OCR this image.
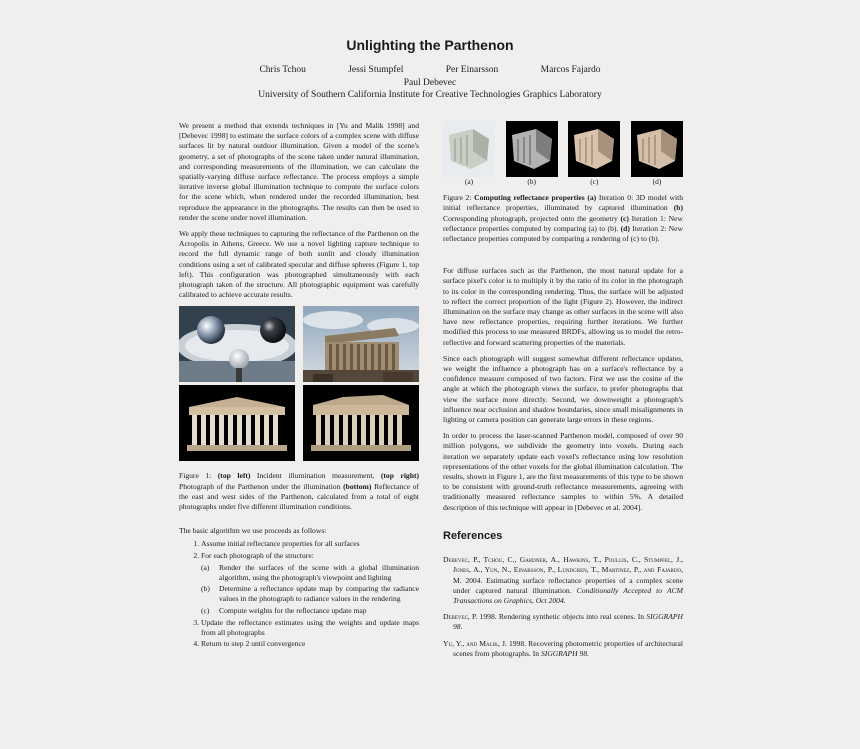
Unlighting the Parthenon
Chris Tchou	Jessi Stumpfel	Per Einarsson	Marcos Fajardo
Paul Debevec
University of Southern California Institute for Creative Technologies Graphics Laboratory

We present a method that extends techniques in [Yu and Malik 1998] and [Debevec 1998] to estimate the surface colors of a complex scene with diffuse surfaces lit by natural outdoor illumination. Given a model of the scene's geometry, a set of photographs of the scene taken under natural illumination, and corresponding measurements of the illumination, we can calculate the spatially-varying diffuse surface reflectance. The process employs a simple iterative inverse global illumination technique to compute the surface colors for the scene which, when rendered under the recorded illumination, best reproduce the appearance in the photographs. The results can then be used to render the scene under novel illumination.

We apply these techniques to capturing the reflectance of the Parthenon on the Acropolis in Athens, Greece. We use a novel lighting capture technique to record the full dynamic range of both sunlit and cloudy illumination conditions using a set of calibrated specular and diffuse spheres (Figure 1, top left). This configuration was photographed simultaneously with each photograph taken of the structure. All photographic equipment was carefully calibrated to achieve accurate results.

Figure 1: (top left) Incident illumination measurement, (top right) Photograph of the Parthenon under the illumination (bottom) Reflectance of the east and west sides of the Parthenon, calculated from a total of eight photographs under five different illumination conditions.

The basic algorithm we use proceeds as follows:

1. Assume initial reflectance properties for all surfaces
2. For each photograph of the structure:
(a) Render the surfaces of the scene with a global illumination algorithm, using the photograph's viewpoint and lighting
(b) Determine a reflectance update map by comparing the radiance values in the photograph to radiance values in the rendering
(c) Compute weights for the reflectance update map
3. Update the reflectance estimates using the weights and update maps from all photographs
4. Return to step 2 until convergence
(a)	(b)	(c)	(d)
Figure 2: Computing reflectance properties (a) Iteration 0: 3D model with initial reflectance properties, illuminated by captured illumination (b) Corresponding photograph, projected onto the geometry (c) Iteration 1: New reflectance properties computed by comparing (a) to (b). (d) Iteration 2: New reflectance properties computed by comparing a rendering of (c) to (b).

For diffuse surfaces such as the Parthenon, the most natural update for a surface pixel's color is to multiply it by the ratio of its color in the photograph to its color in the corresponding rendering. Thus, the surface will be adjusted to reflect the correct proportion of the light (Figure 2). However, the indirect illumination on the surface may change as other surfaces in the scene will also have new reflectance properties, requiring further iterations. We further modified this process to use measured BRDFs, allowing us to model the retro-reflective and forward scattering properties of the materials.

Since each photograph will suggest somewhat different reflectance updates, we weight the influence a photograph has on a surface's reflectance by a confidence measure composed of two factors. First we use the cosine of the angle at which the photograph views the surface, to prefer photographs that view the surface more directly. Second, we downweight a photograph's influence near occlusion and shadow boundaries, since small misalignments in lighting or camera position can generate large errors in these regions.

In order to process the laser-scanned Parthenon model, composed of over 90 million polygons, we subdivide the geometry into voxels. During each iteration we separately update each voxel's reflectance using low resolution representations of the other voxels for the global illumination calculation. The results, shown in Figure 1, are the first measurements of this type to be shown to be consistent with ground-truth reflectance measurements, agreeing with traditionally measured reflectance samples to within 5%. A detailed description of this technique will appear in [Debevec et al. 2004].

References
Debevec, P., Tchou, C., Gardner, A., Hawkins, T., Poullis, C., Stumpfel, J., Jones, A., Yun, N., Einarsson, P., Lundgren, T., Martinez, P., and Fajardo, M. 2004. Estimating surface reflectance properties of a complex scene under captured natural illumination. Conditionally Accepted to ACM Transactions on Graphics, Oct 2004.
Debevec, P. 1998. Rendering synthetic objects into real scenes. In SIGGRAPH 98.
Yu, Y., and Malik, J. 1998. Recovering photometric properties of architectural scenes from photographs. In SIGGRAPH 98.
